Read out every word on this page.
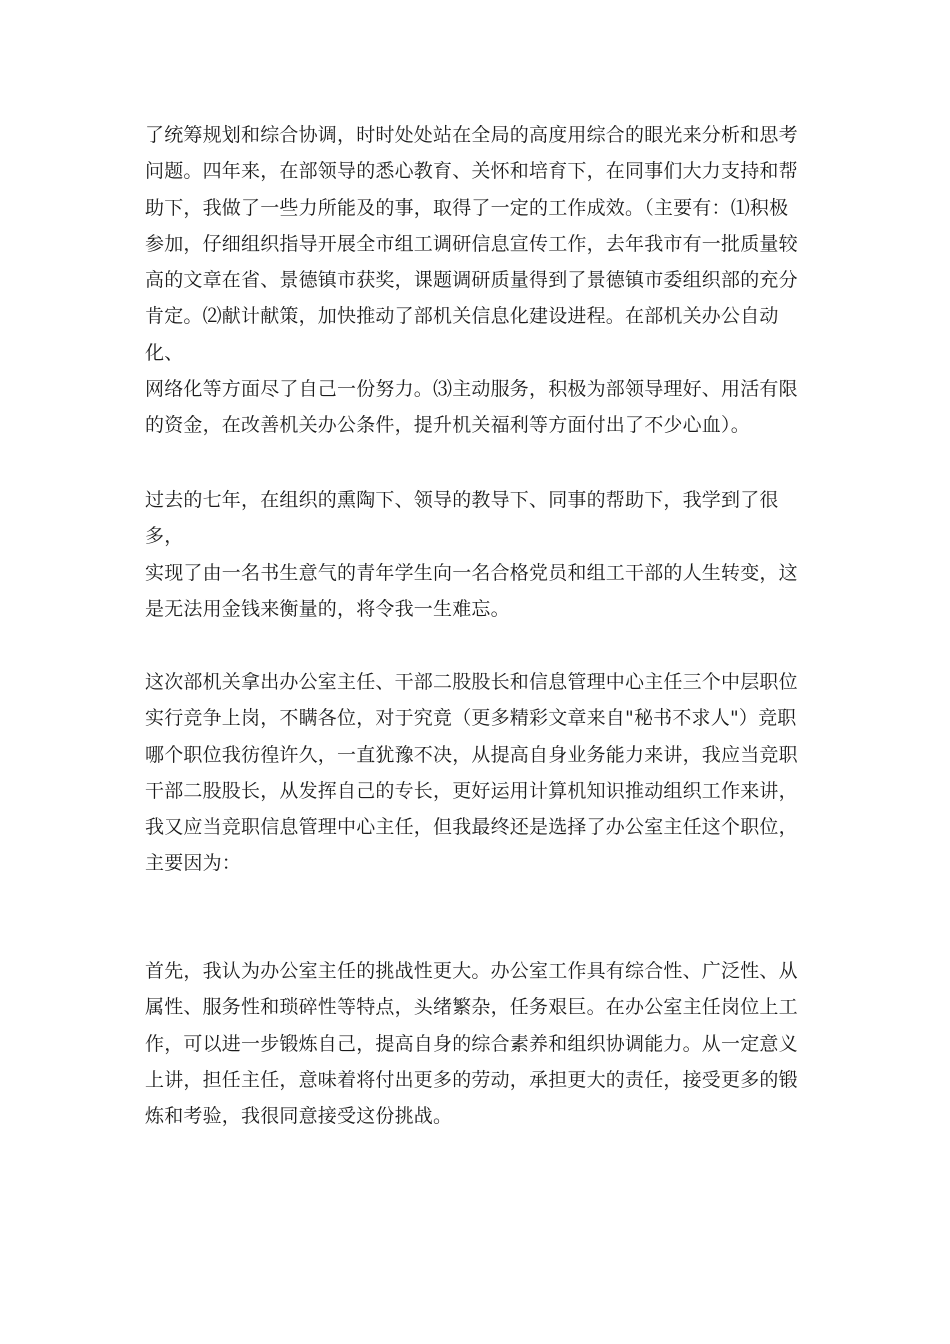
了统筹规划和综合协调，时时处处站在全局的高度用综合的眼光来分析和思考
问题。四年来，在部领导的悉心教育、关怀和培育下，在同事们大力支持和帮
助下，我做了一些力所能及的事，取得了一定的工作成效。（主要有：⑴积极
参加，仔细组织指导开展全市组工调研信息宣传工作，去年我市有一批质量较
高的文章在省、景德镇市获奖，课题调研质量得到了景德镇市委组织部的充分
肯定。⑵献计献策，加快推动了部机关信息化建设进程。在部机关办公自动化、
网络化等方面尽了自己一份努力。⑶主动服务，积极为部领导理好、用活有限
的资金，在改善机关办公条件，提升机关福利等方面付出了不少心血）。

过去的七年，在组织的熏陶下、领导的教导下、同事的帮助下，我学到了很多，
实现了由一名书生意气的青年学生向一名合格党员和组工干部的人生转变，这
是无法用金钱来衡量的，将令我一生难忘。

这次部机关拿出办公室主任、干部二股股长和信息管理中心主任三个中层职位
实行竞争上岗，不瞒各位，对于究竟（更多精彩文章来自"秘书不求人"）竞职
哪个职位我彷徨许久，一直犹豫不决，从提高自身业务能力来讲，我应当竞职
干部二股股长，从发挥自己的专长，更好运用计算机知识推动组织工作来讲，
我又应当竞职信息管理中心主任，但我最终还是选择了办公室主任这个职位，
主要因为：

首先，我认为办公室主任的挑战性更大。办公室工作具有综合性、广泛性、从
属性、服务性和琐碎性等特点，头绪繁杂，任务艰巨。在办公室主任岗位上工
作，可以进一步锻炼自己，提高自身的综合素养和组织协调能力。从一定意义
上讲，担任主任，意味着将付出更多的劳动，承担更大的责任，接受更多的锻
炼和考验，我很同意接受这份挑战。
